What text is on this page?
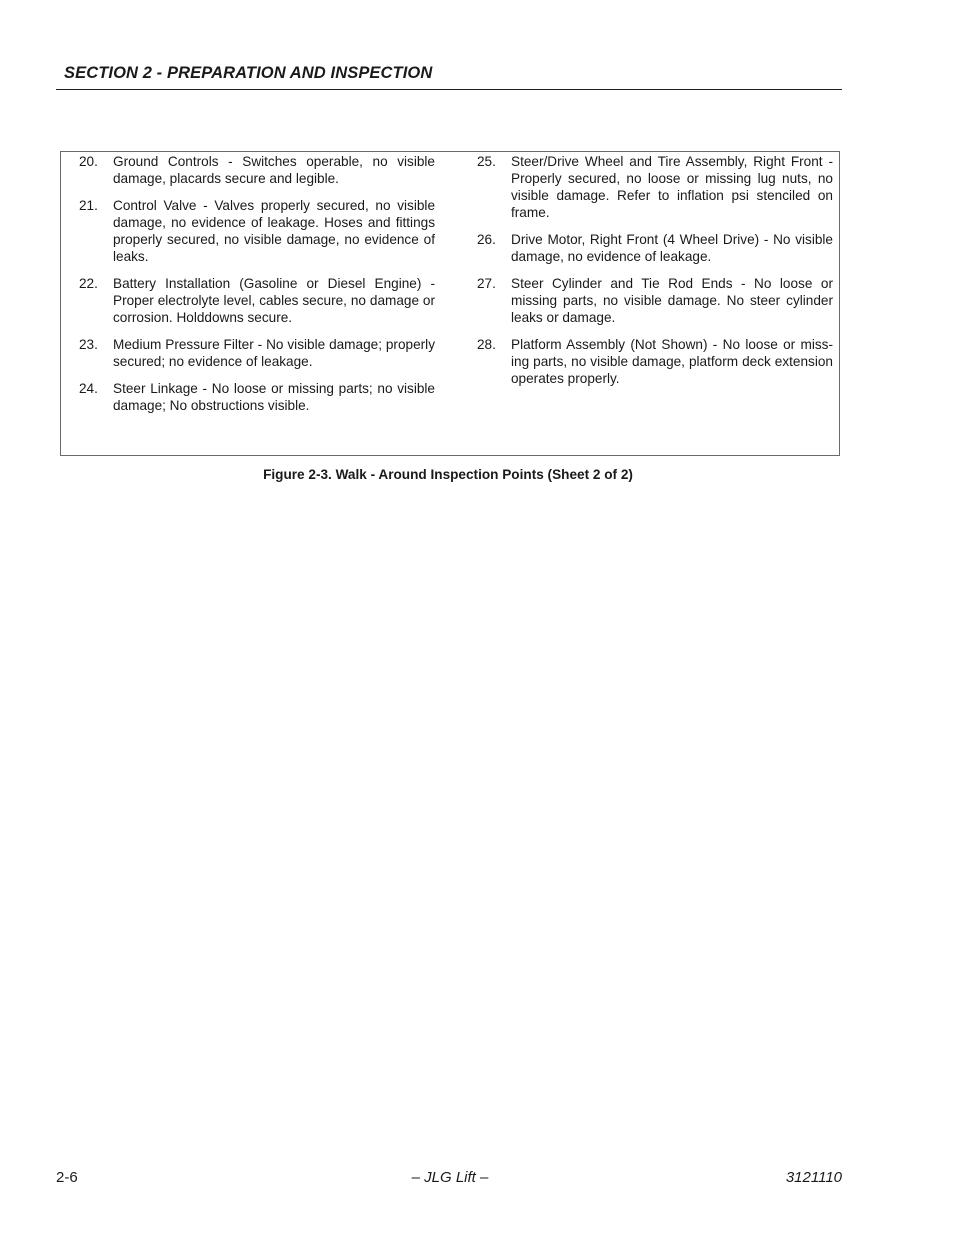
SECTION 2 - PREPARATION AND INSPECTION
20. Ground Controls - Switches operable, no visible damage, placards secure and legible.
21. Control Valve - Valves properly secured, no visible damage, no evidence of leakage. Hoses and fittings properly secured, no visible damage, no evidence of leaks.
22. Battery Installation (Gasoline or Diesel Engine) - Proper electrolyte level, cables secure, no damage or corrosion. Holddowns secure.
23. Medium Pressure Filter - No visible damage; properly secured; no evidence of leakage.
24. Steer Linkage - No loose or missing parts; no visible damage; No obstructions visible.
25. Steer/Drive Wheel and Tire Assembly, Right Front - Properly secured, no loose or missing lug nuts, no visible damage. Refer to inflation psi stenciled on frame.
26. Drive Motor, Right Front (4 Wheel Drive) - No visible damage, no evidence of leakage.
27. Steer Cylinder and Tie Rod Ends - No loose or missing parts, no visible damage. No steer cylinder leaks or damage.
28. Platform Assembly (Not Shown) - No loose or missing parts, no visible damage, platform deck extension operates properly.
Figure 2-3. Walk - Around Inspection Points (Sheet 2 of 2)
2-6	– JLG Lift –	3121110
